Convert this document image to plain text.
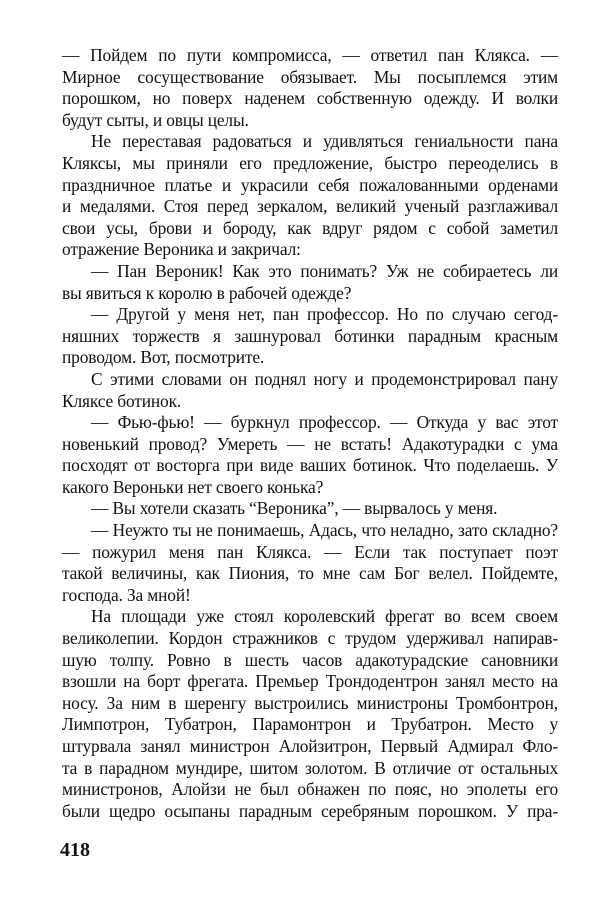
— Пойдем по пути компромисса, — ответил пан Клякса. —
Мирное сосуществование обязывает. Мы посыплемся этим
порошком, но поверх наденем собственную одежду. И волки
будут сыты, и овцы целы.
Не переставая радоваться и удивляться гениальности пана
Кляксы, мы приняли его предложение, быстро переоделись в
праздничное платье и украсили себя пожалованными орденами
и медалями. Стоя перед зеркалом, великий ученый разглаживал
свои усы, брови и бороду, как вдруг рядом с собой заметил
отражение Вероника и закричал:
— Пан Вероник! Как это понимать? Уж не собираетесь ли
вы явиться к королю в рабочей одежде?
— Другой у меня нет, пан профессор. Но по случаю сегод-
няшних торжеств я зашнуровал ботинки парадным красным
проводом. Вот, посмотрите.
С этими словами он поднял ногу и продемонстрировал пану
Кляксе ботинок.
— Фью-фью! — буркнул профессор. — Откуда у вас этот
новенький провод? Умереть — не встать! Адакотурадки с ума
посходят от восторга при виде ваших ботинок. Что поделаешь. У
какого Вероньки нет своего конька?
— Вы хотели сказать “Вероника”, — вырвалось у меня.
— Неужто ты не понимаешь, Адась, что неладно, зато складно?
— пожурил меня пан Клякса. — Если так поступает поэт
такой величины, как Пиония, то мне сам Бог велел. Пойдемте,
господа. За мной!
На площади уже стоял королевский фрегат во всем своем
великолепии. Кордон стражников с трудом удерживал напирав-
шую толпу. Ровно в шесть часов адакотурадские сановники
взошли на борт фрегата. Премьер Трондодентрон занял место на
носу. За ним в шеренгу выстроились министроны Тромбонтрон,
Лимпотрон, Тубатрон, Парамонтрон и Трубатрон. Место у
штурвала занял министрон Алойзитрон, Первый Адмирал Фло-
та в парадном мундире, шитом золотом. В отличие от остальных
министронов, Алойзи не был обнажен по пояс, но эполеты его
были щедро осыпаны парадным серебряным порошком. У пра-
418
